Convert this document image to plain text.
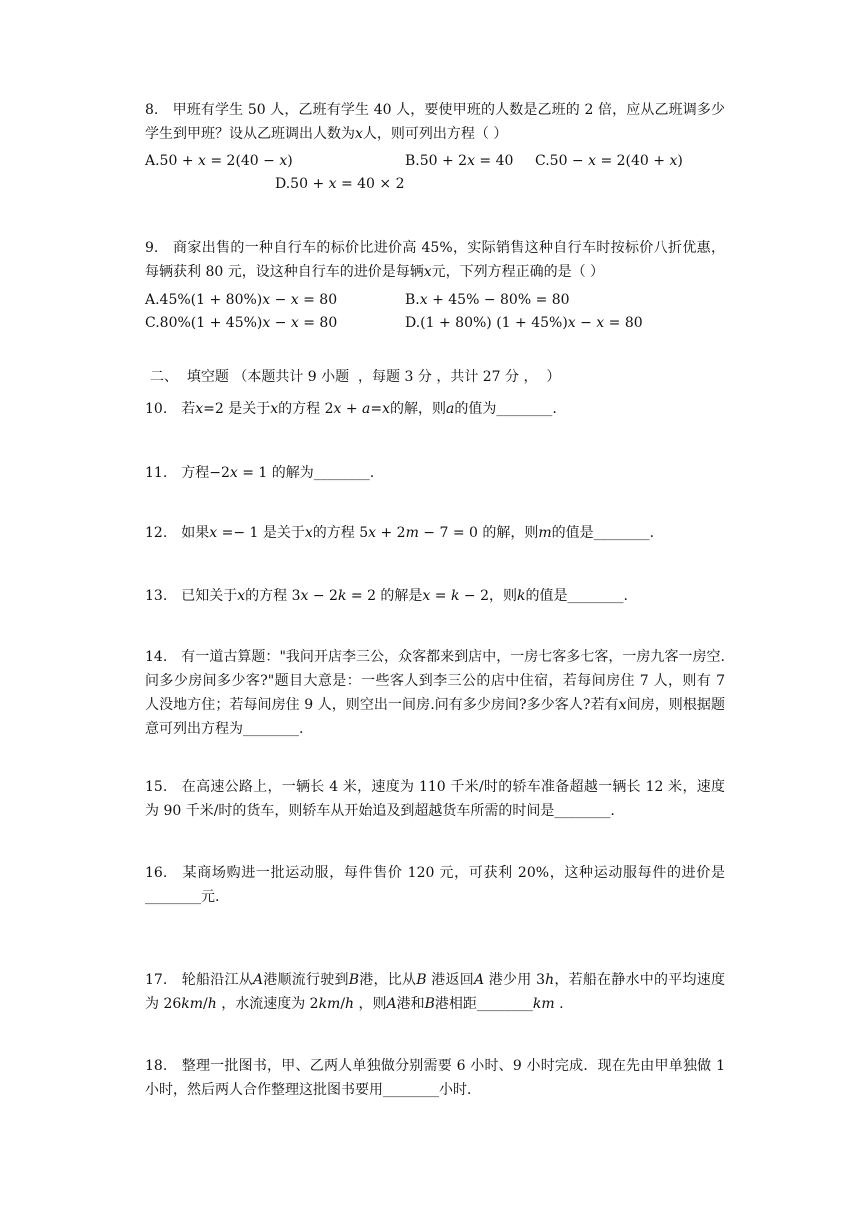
8.　甲班有学生 50 人，乙班有学生 40 人，要使甲班的人数是乙班的 2 倍，应从乙班调多少学生到甲班？设从乙班调出人数为𝑥人，则可列出方程（ ）

A.50 + 𝑥 = 2(40 − 𝑥)	B.50 + 2𝑥 = 40 C.50 − 𝑥 = 2(40 + 𝑥)
D.50 + 𝑥 = 40 × 2

9.　商家出售的一种自行车的标价比进价高 45%，实际销售这种自行车时按标价八折优惠，每辆获利 80 元，设这种自行车的进价是每辆𝑥元，下列方程正确的是（ ）

A.45%(1 + 80%)𝑥 − 𝑥 = 80	B.𝑥 + 45% − 80% = 80
C.80%(1 + 45%)𝑥 − 𝑥 = 80	D.(1 + 80%) (1 + 45%)𝑥 − 𝑥 = 80
二、  填空题 （本题共计 9 小题  ，每题 3 分 ，共计 27 分 ，  ）

10.　若𝑥=2 是关于𝑥的方程 2𝑥 + 𝑎=𝑥的解，则𝑎的值为________.

11.　方程−2𝑥 = 1 的解为________.

12.　如果𝑥 =− 1 是关于𝑥的方程 5𝑥 + 2𝑚 − 7 = 0 的解，则𝑚的值是________.

13.　已知关于𝑥的方程 3𝑥 − 2𝑘 = 2 的解是𝑥 = 𝑘 − 2，则𝑘的值是________.

14.　有一道古算题："我问开店李三公，众客都来到店中，一房七客多七客，一房九客一房空.问多少房间多少客?"题目大意是：一些客人到李三公的店中住宿，若每间房住 7 人，则有 7 人没地方住；若每间房住 9 人，则空出一间房.问有多少房间?多少客人?若有𝑥间房，则根据题意可列出方程为________.

15.　在高速公路上，一辆长 4 米，速度为 110 千米/时的轿车准备超越一辆长 12 米，速度为 90 千米/时的货车，则轿车从开始追及到超越货车所需的时间是________.

16.　某商场购进一批运动服，每件售价 120 元，可获利 20%，这种运动服每件的进价是________元.

17.　轮船沿江从𝐴港顺流行驶到𝐵港，比从𝐵 港返回𝐴 港少用 3ℎ，若船在静水中的平均速度为 26𝑘𝑚/ℎ ，水流速度为 2𝑘𝑚/ℎ ，则𝐴港和𝐵港相距________𝑘𝑚 .

18.　整理一批图书，甲、乙两人单独做分别需要 6 小时、9 小时完成．现在先由甲单独做 1 小时，然后两人合作整理这批图书要用________小时．
